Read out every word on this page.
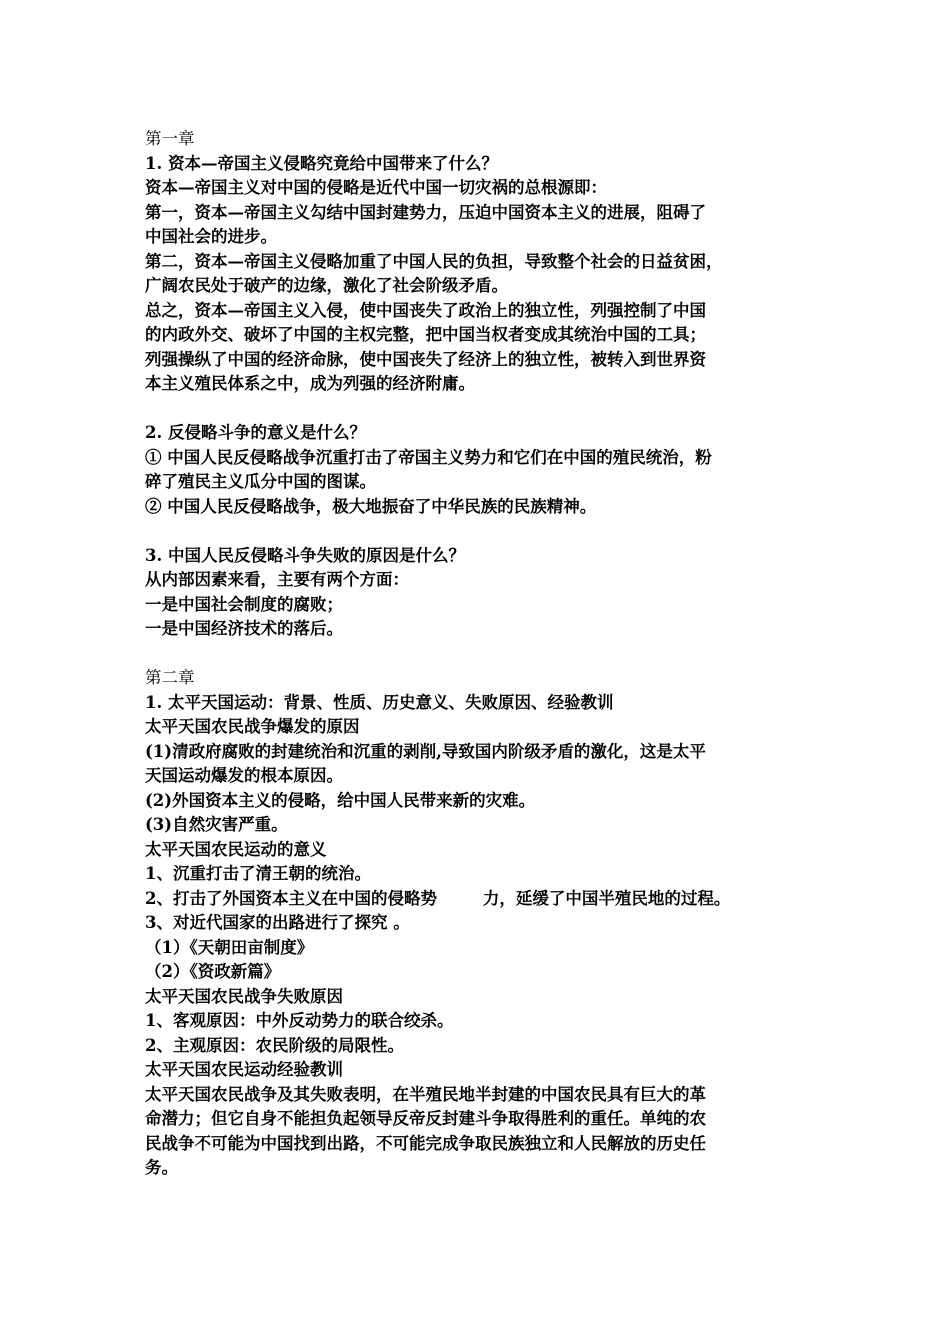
第一章
1. 资本—帝国主义侵略究竟给中国带来了什么？
资本—帝国主义对中国的侵略是近代中国一切灾祸的总根源即：
第一，资本—帝国主义勾结中国封建势力，压迫中国资本主义的进展，阻碍了
中国社会的进步。
第二，资本—帝国主义侵略加重了中国人民的负担，导致整个社会的日益贫困，
广阔农民处于破产的边缘，激化了社会阶级矛盾。
总之，资本—帝国主义入侵，使中国丧失了政治上的独立性，列强控制了中国
的内政外交、破坏了中国的主权完整，把中国当权者变成其统治中国的工具；
列强操纵了中国的经济命脉，使中国丧失了经济上的独立性，被转入到世界资
本主义殖民体系之中，成为列强的经济附庸。
2. 反侵略斗争的意义是什么？
① 中国人民反侵略战争沉重打击了帝国主义势力和它们在中国的殖民统治，粉
碎了殖民主义瓜分中国的图谋。
② 中国人民反侵略战争，极大地振奋了中华民族的民族精神。
3. 中国人民反侵略斗争失败的原因是什么？
从内部因素来看，主要有两个方面：
一是中国社会制度的腐败；
一是中国经济技术的落后。
第二章
1. 太平天国运动：背景、性质、历史意义、失败原因、经验教训
太平天国农民战争爆发的原因
(1)清政府腐败的封建统治和沉重的剥削,导致国内阶级矛盾的激化，这是太平
天国运动爆发的根本原因。
(2)外国资本主义的侵略，给中国人民带来新的灾难。
(3)自然灾害严重。
太平天国农民运动的意义
1、沉重打击了清王朝的统治。
2、打击了外国资本主义在中国的侵略势        力，延缓了中国半殖民地的过程。
3、对近代国家的出路进行了探究 。
（1）《天朝田亩制度》
（2）《资政新篇》
太平天国农民战争失败原因
1、客观原因：中外反动势力的联合绞杀。
2、主观原因：农民阶级的局限性。
太平天国农民运动经验教训
太平天国农民战争及其失败表明，在半殖民地半封建的中国农民具有巨大的革
命潜力；但它自身不能担负起领导反帝反封建斗争取得胜利的重任。单纯的农
民战争不可能为中国找到出路，不可能完成争取民族独立和人民解放的历史任
务。
